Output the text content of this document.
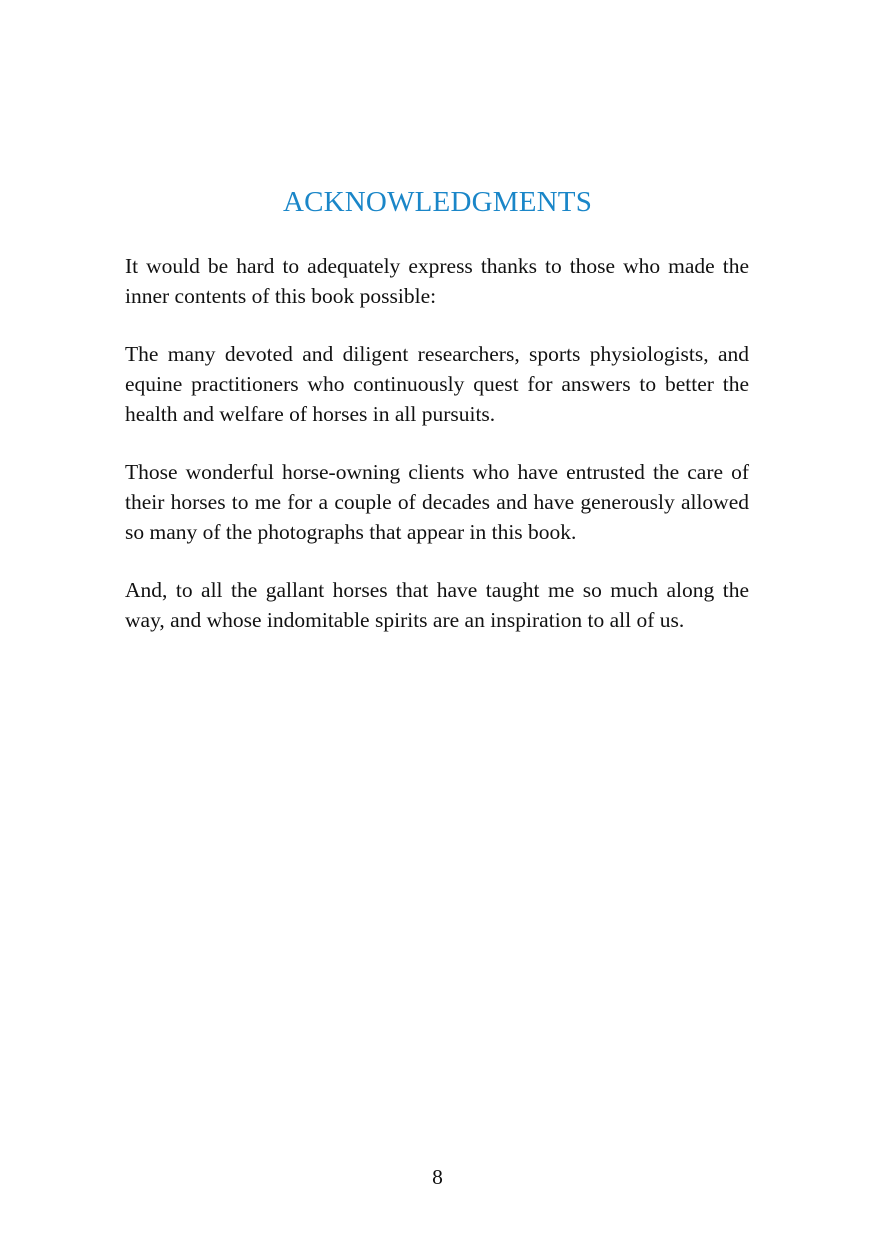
ACKNOWLEDGMENTS

It would be hard to adequately express thanks to those who made the inner contents of this book possible:

The many devoted and diligent researchers, sports physiologists, and equine practitioners who continuously quest for answers to better the health and welfare of horses in all pursuits.

Those wonderful horse-owning clients who have entrusted the care of their horses to me for a couple of decades and have generously allowed so many of the photographs that appear in this book.

And, to all the gallant horses that have taught me so much along the way, and whose indomitable spirits are an inspiration to all of us.

8
